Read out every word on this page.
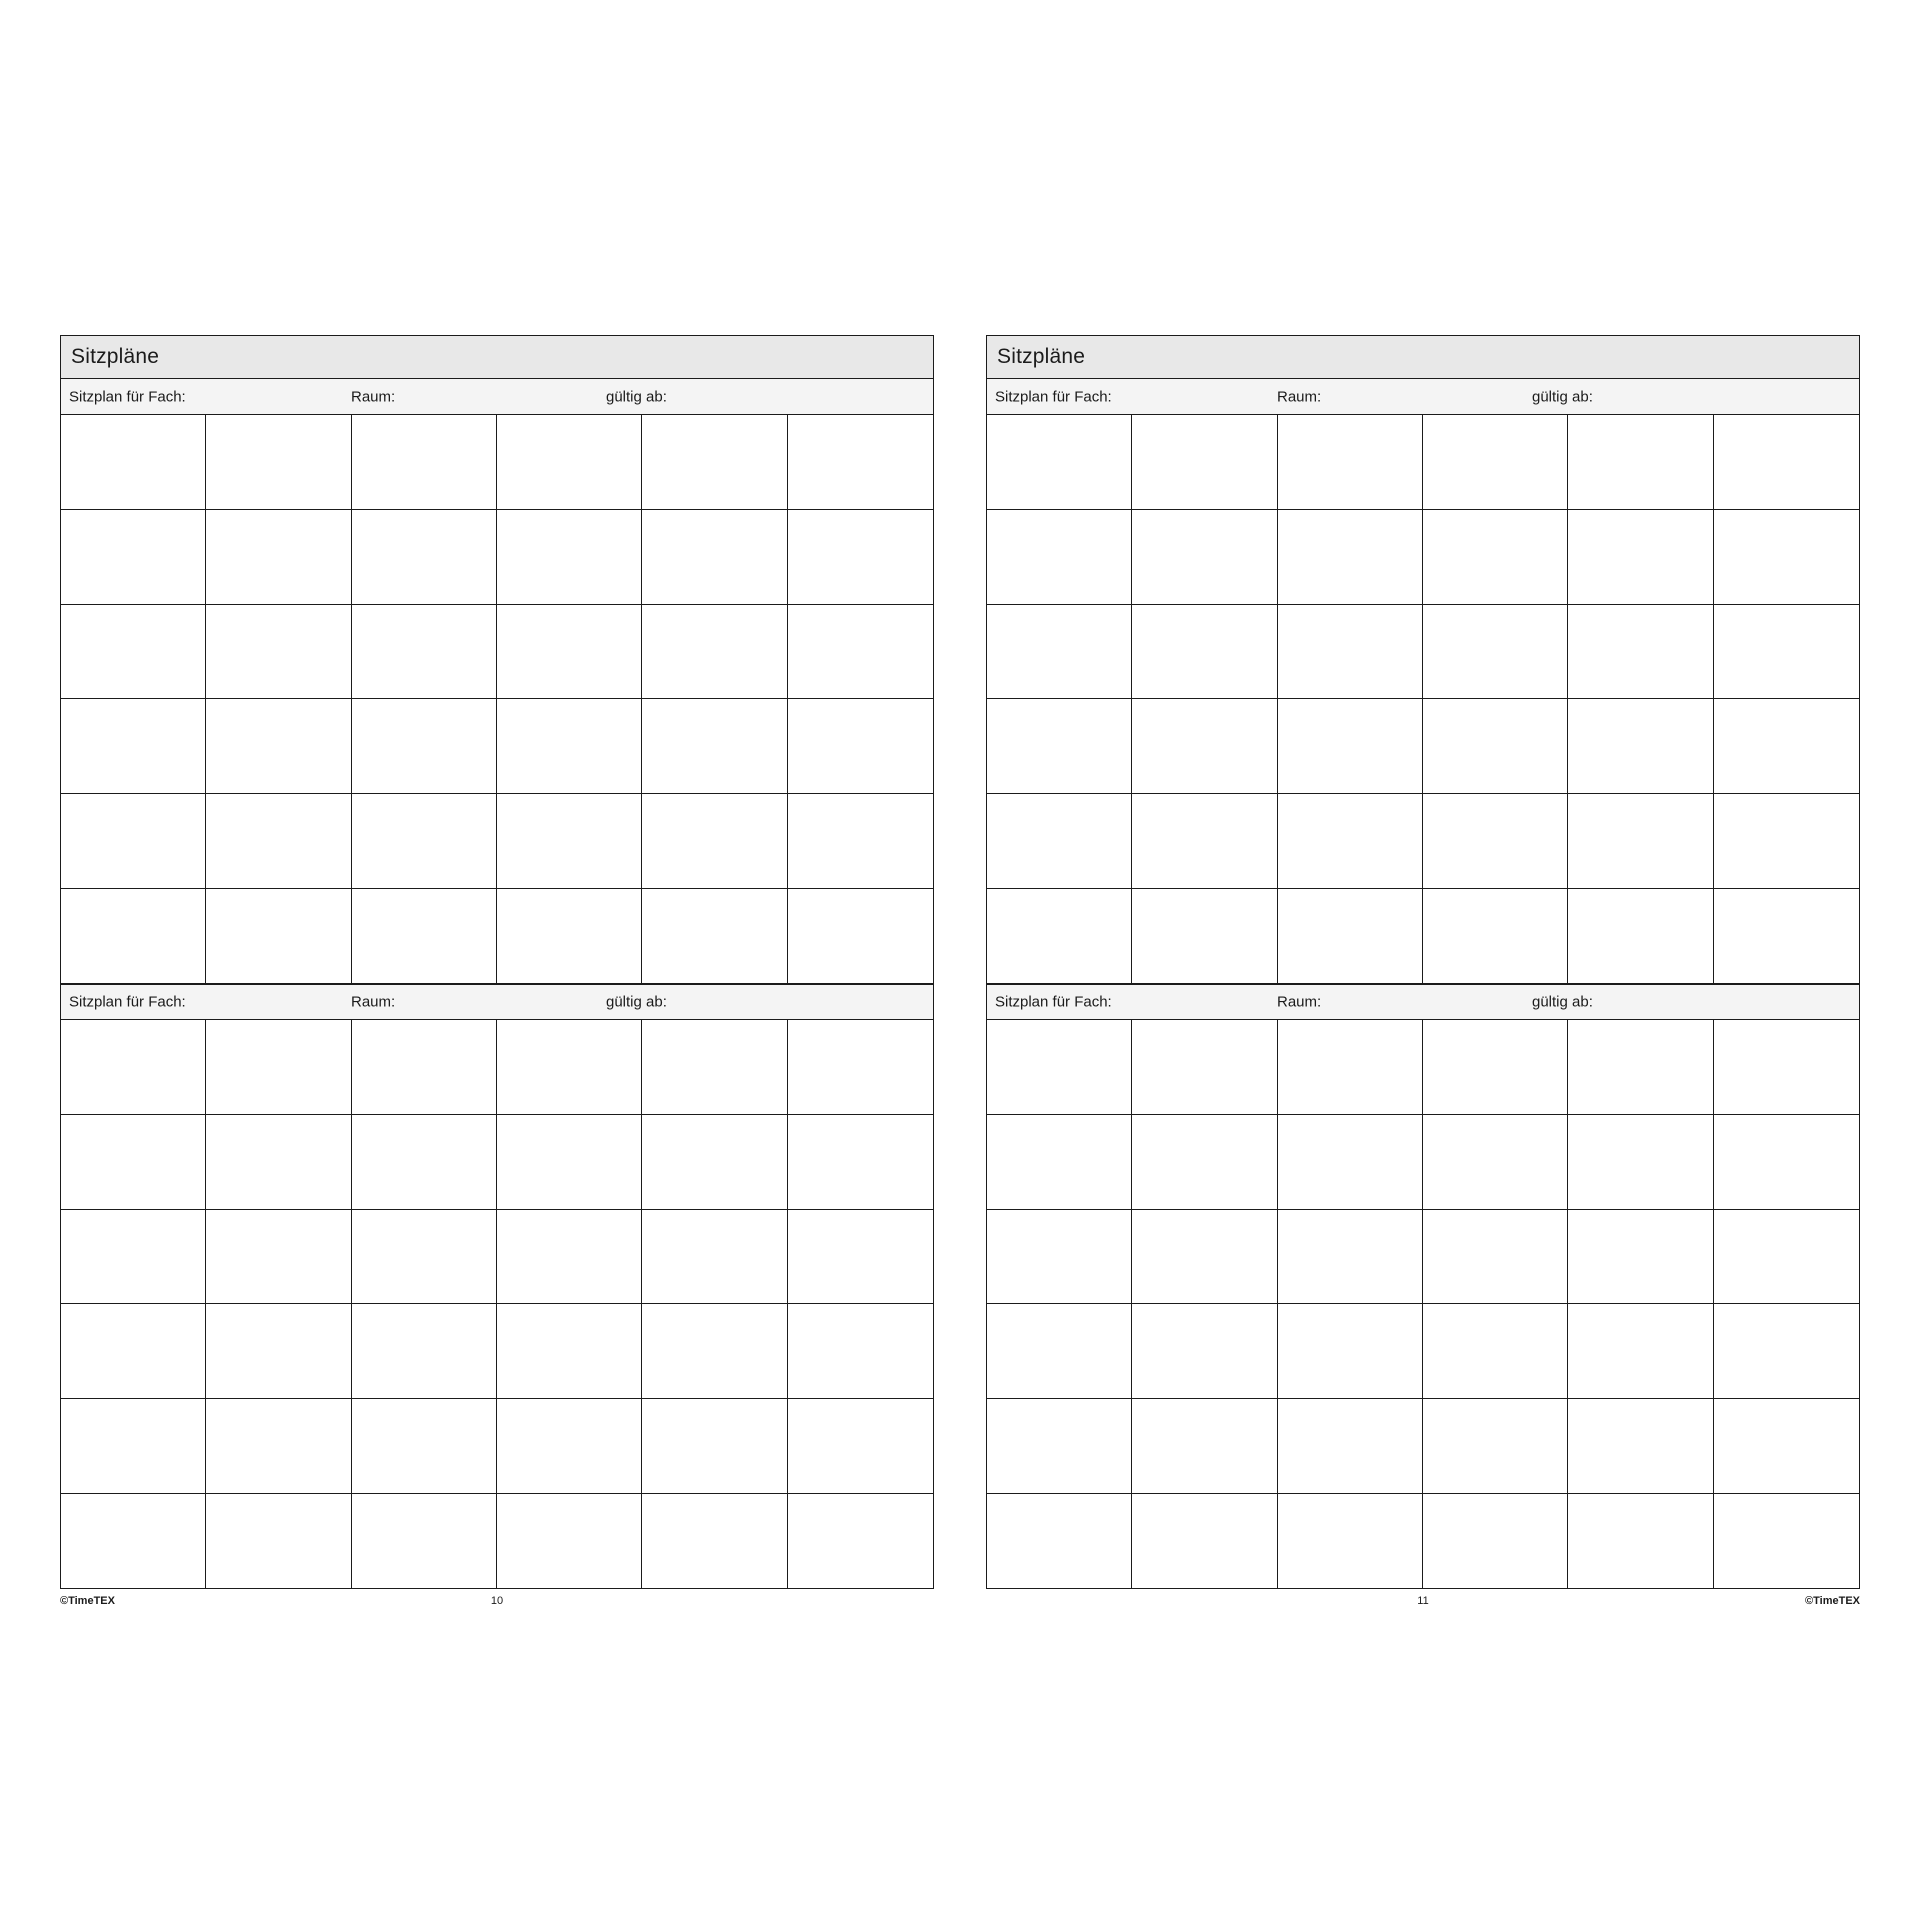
Sitzpläne
Sitzplan für Fach:	Raum:	gültig ab:
Sitzplan für Fach:	Raum:	gültig ab:
©TimeTEX	10
Sitzpläne
Sitzplan für Fach:	Raum:	gültig ab:
Sitzplan für Fach:	Raum:	gültig ab:
11	©TimeTEX
